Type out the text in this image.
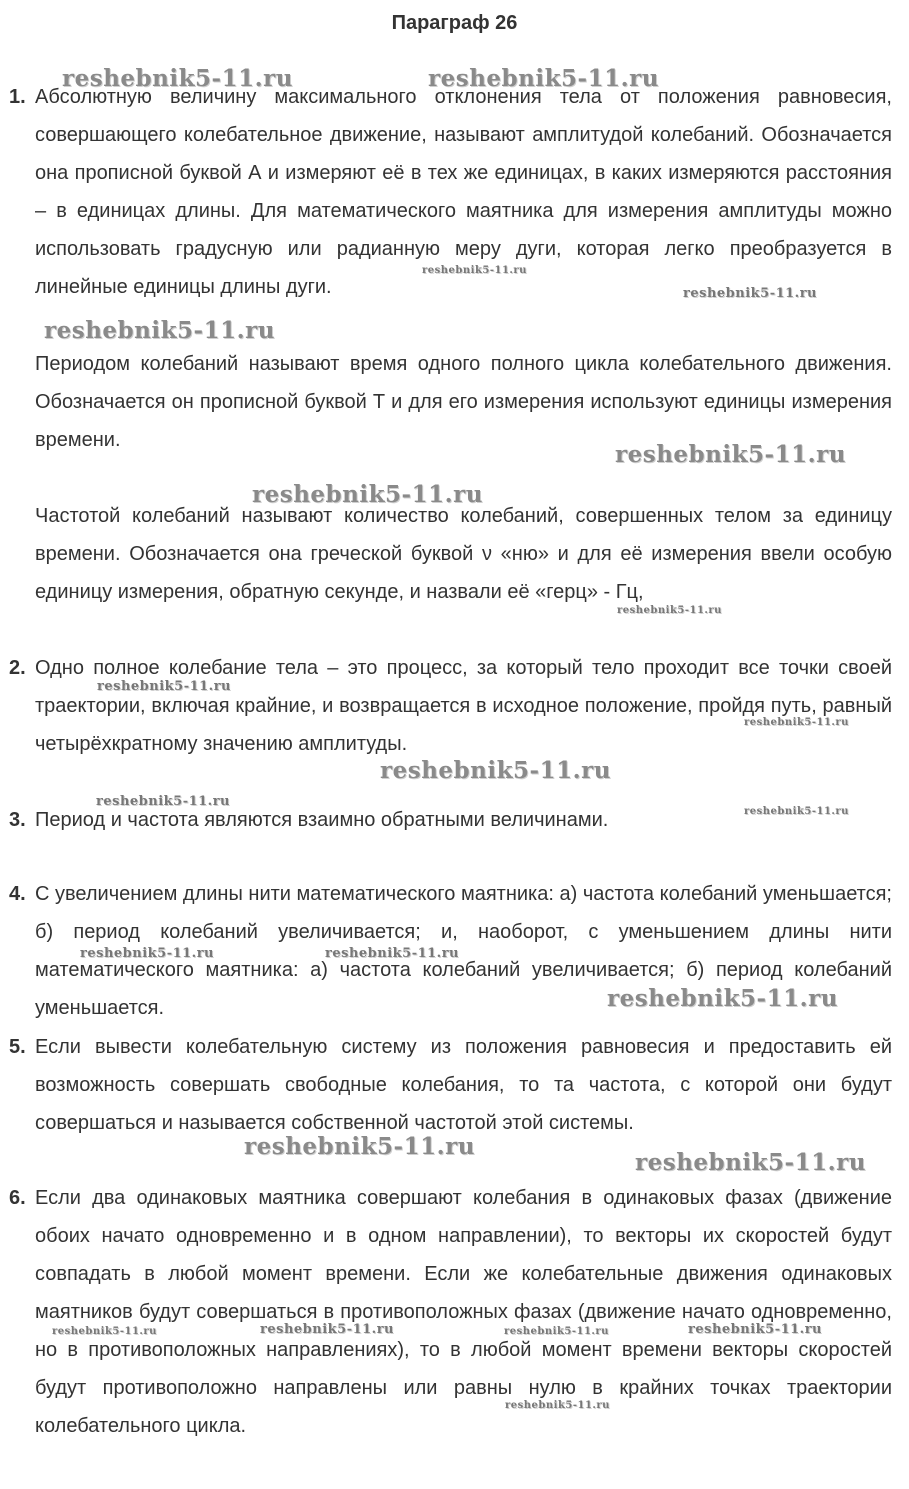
Параграф 26
1. Абсолютную величину максимального отклонения тела от положения равновесия, совершающего колебательное движение, называют амплитудой колебаний. Обозначается она прописной буквой А и измеряют её в тех же единицах, в каких измеряются расстояния – в единицах длины. Для математического маятника для измерения амплитуды можно использовать градусную или радианную меру дуги, которая легко преобразуется в линейные единицы длины дуги.

Периодом колебаний называют время одного полного цикла колебательного движения. Обозначается он прописной буквой Т и для его измерения используют единицы измерения времени.

Частотой колебаний называют количество колебаний, совершенных телом за единицу времени. Обозначается она греческой буквой ν «ню» и для её измерения ввели особую единицу измерения, обратную секунде, и назвали её «герц» - Гц,

2. Одно полное колебание тела – это процесс, за который тело проходит все точки своей траектории, включая крайние, и возвращается в исходное положение, пройдя путь, равный четырёхкратному значению амплитуды.

3. Период и частота являются взаимно обратными величинами.

4. С увеличением длины нити математического маятника: а) частота колебаний уменьшается; б) период колебаний увеличивается; и, наоборот, с уменьшением длины нити математического маятника: а) частота колебаний увеличивается; б) период колебаний уменьшается.

5. Если вывести колебательную систему из положения равновесия и предоставить ей возможность совершать свободные колебания, то та частота, с которой они будут совершаться и называется собственной частотой этой системы.

6. Если два одинаковых маятника совершают колебания в одинаковых фазах (движение обоих начато одновременно и в одном направлении), то векторы их скоростей будут совпадать в любой момент времени. Если же колебательные движения одинаковых маятников будут совершаться в противоположных фазах (движение начато одновременно, но в противоположных направлениях), то в любой момент времени векторы скоростей будут противоположно направлены или равны нулю в крайних точках траектории колебательного цикла.

reshebnik5-11.ru	reshebnik5-11.ru
reshebnik5-11.ru
reshebnik5-11.ru
reshebnik5-11.ru
reshebnik5-11.ru
reshebnik5-11.ru
reshebnik5-11.ru
reshebnik5-11.ru
reshebnik5-11.ru
reshebnik5-11.ru
reshebnik5-11.ru
reshebnik5-11.ru
reshebnik5-11.ru	reshebnik5-11.ru
reshebnik5-11.ru
reshebnik5-11.ru
reshebnik5-11.ru
reshebnik5-11.ru	reshebnik5-11.ru	reshebnik5-11.ru	reshebnik5-11.ru
reshebnik5-11.ru
